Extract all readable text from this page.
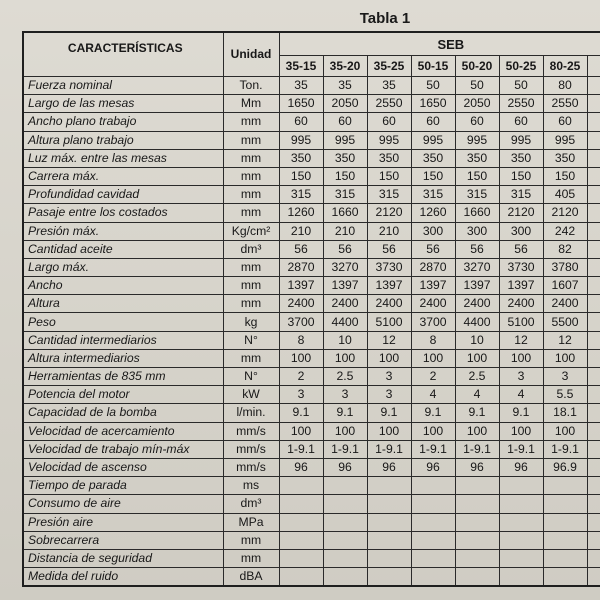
Tabla 1
CARACTERÍSTICAS	Unidad	SEB							
		35-15	35-20	35-25	50-15	50-20	50-25	80-25	
Fuerza nominal	Ton.	35	35	35	50	50	50	80	
Largo de las mesas	Mm	1650	2050	2550	1650	2050	2550	2550	
Ancho plano trabajo	mm	60	60	60	60	60	60	60	
Altura plano trabajo	mm	995	995	995	995	995	995	995	
Luz máx. entre las mesas	mm	350	350	350	350	350	350	350	
Carrera máx.	mm	150	150	150	150	150	150	150	
Profundidad cavidad	mm	315	315	315	315	315	315	405	
Pasaje entre los costados	mm	1260	1660	2120	1260	1660	2120	2120	
Presión máx.	Kg/cm²	210	210	210	300	300	300	242	
Cantidad aceite	dm³	56	56	56	56	56	56	82	
Largo máx.	mm	2870	3270	3730	2870	3270	3730	3780	
Ancho	mm	1397	1397	1397	1397	1397	1397	1607	
Altura	mm	2400	2400	2400	2400	2400	2400	2400	
Peso	kg	3700	4400	5100	3700	4400	5100	5500	
Cantidad intermediarios	N°	8	10	12	8	10	12	12	
Altura intermediarios	mm	100	100	100	100	100	100	100	
Herramientas de 835 mm	N°	2	2.5	3	2	2.5	3	3	
Potencia del motor	kW	3	3	3	4	4	4	5.5	
Capacidad de la bomba	l/min.	9.1	9.1	9.1	9.1	9.1	9.1	18.1	
Velocidad de acercamiento	mm/s	100	100	100	100	100	100	100	
Velocidad de trabajo mín-máx	mm/s	1-9.1	1-9.1	1-9.1	1-9.1	1-9.1	1-9.1	1-9.1	
Velocidad de ascenso	mm/s	96	96	96	96	96	96	96.9	
Tiempo de parada	ms								
Consumo de aire	dm³								
Presión aire	MPa								
Sobrecarrera	mm								
Distancia de seguridad	mm								
Medida del ruido	dBA								
